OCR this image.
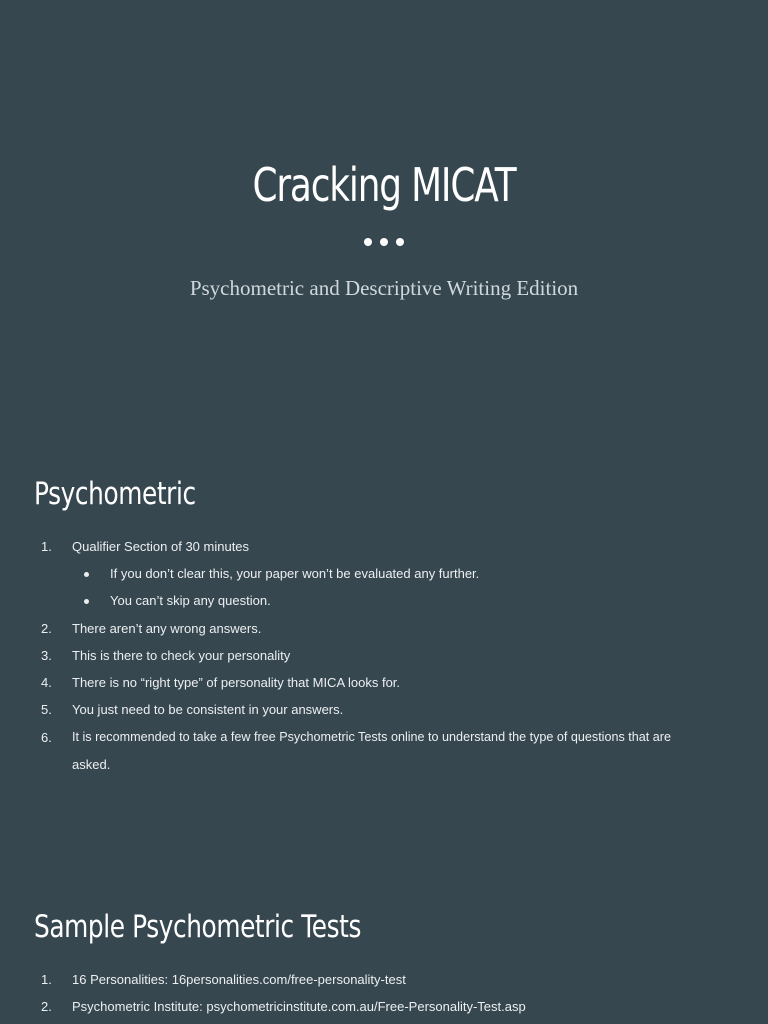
Cracking MICAT

Psychometric and Descriptive Writing Edition

Psychometric
1. Qualifier Section of 30 minutes
If you don’t clear this, your paper won’t be evaluated any further.
You can’t skip any question.
2. There aren’t any wrong answers.
3. This is there to check your personality
4. There is no “right type” of personality that MICA looks for.
5. You just need to be consistent in your answers.
6. It is recommended to take a few free Psychometric Tests online to understand the type of questions that are
asked.
Sample Psychometric Tests
1. 16 Personalities: 16personalities.com/free-personality-test
2. Psychometric Institute: psychometricinstitute.com.au/Free-Personality-Test.asp
